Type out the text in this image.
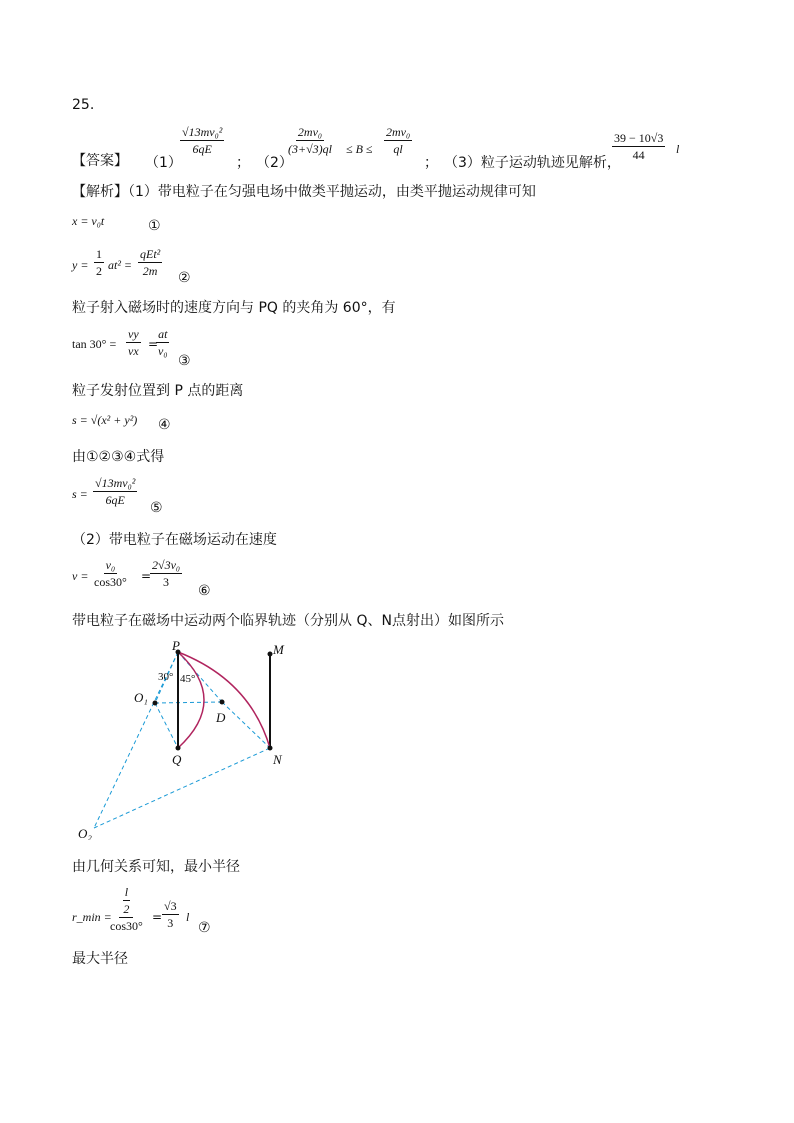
25.
【答案】 （1）
$\frac{\text{√13mv₀²}}{6qE}$
； （2）
$\frac{\text{2mv₀}}{(3+√3)ql} \le B \le \frac{\text{2mv₀}}{ql}$
； （3）粒子运动轨迹见解析，
$\frac{39 - 10√3}{44}$ l
【解析】（1）带电粒子在匀强电场中做类平抛运动，由类平抛运动规律可知
x = v₀t	①
$y = \frac{1}{2} at^2$ =
qEt²
2m ②
粒子射入磁场时的速度方向与 PQ 的夹角为 60°，有
$\tan 30^\circ = \frac{vy}{vx}$ =
$\frac{at}{\text{v₀}}$
③
粒子发射位置到 P 点的距离
s = √(x² + y²) ④
由①②③④式得
$s = \frac{\text{√13mv₀²}}{6qE}$ ⑤
（2）带电粒子在磁场运动在速度
$v = \frac{\text{v₀}}{\cos 30^\circ}$ =
$\frac{\text{2√3v₀}}{3}$
⑥
带电粒子在磁场中运动两个临界轨迹（分别从 Q、N点射出）如图所示
P	M
O₁
D
Q	N
O₂
30° 45°
由几何关系可知，最小半径
r_min =
$\frac{\frac{l}{2}}{\cos 30^\circ} = \frac{√3}{3}$ l
⑦
最大半径
